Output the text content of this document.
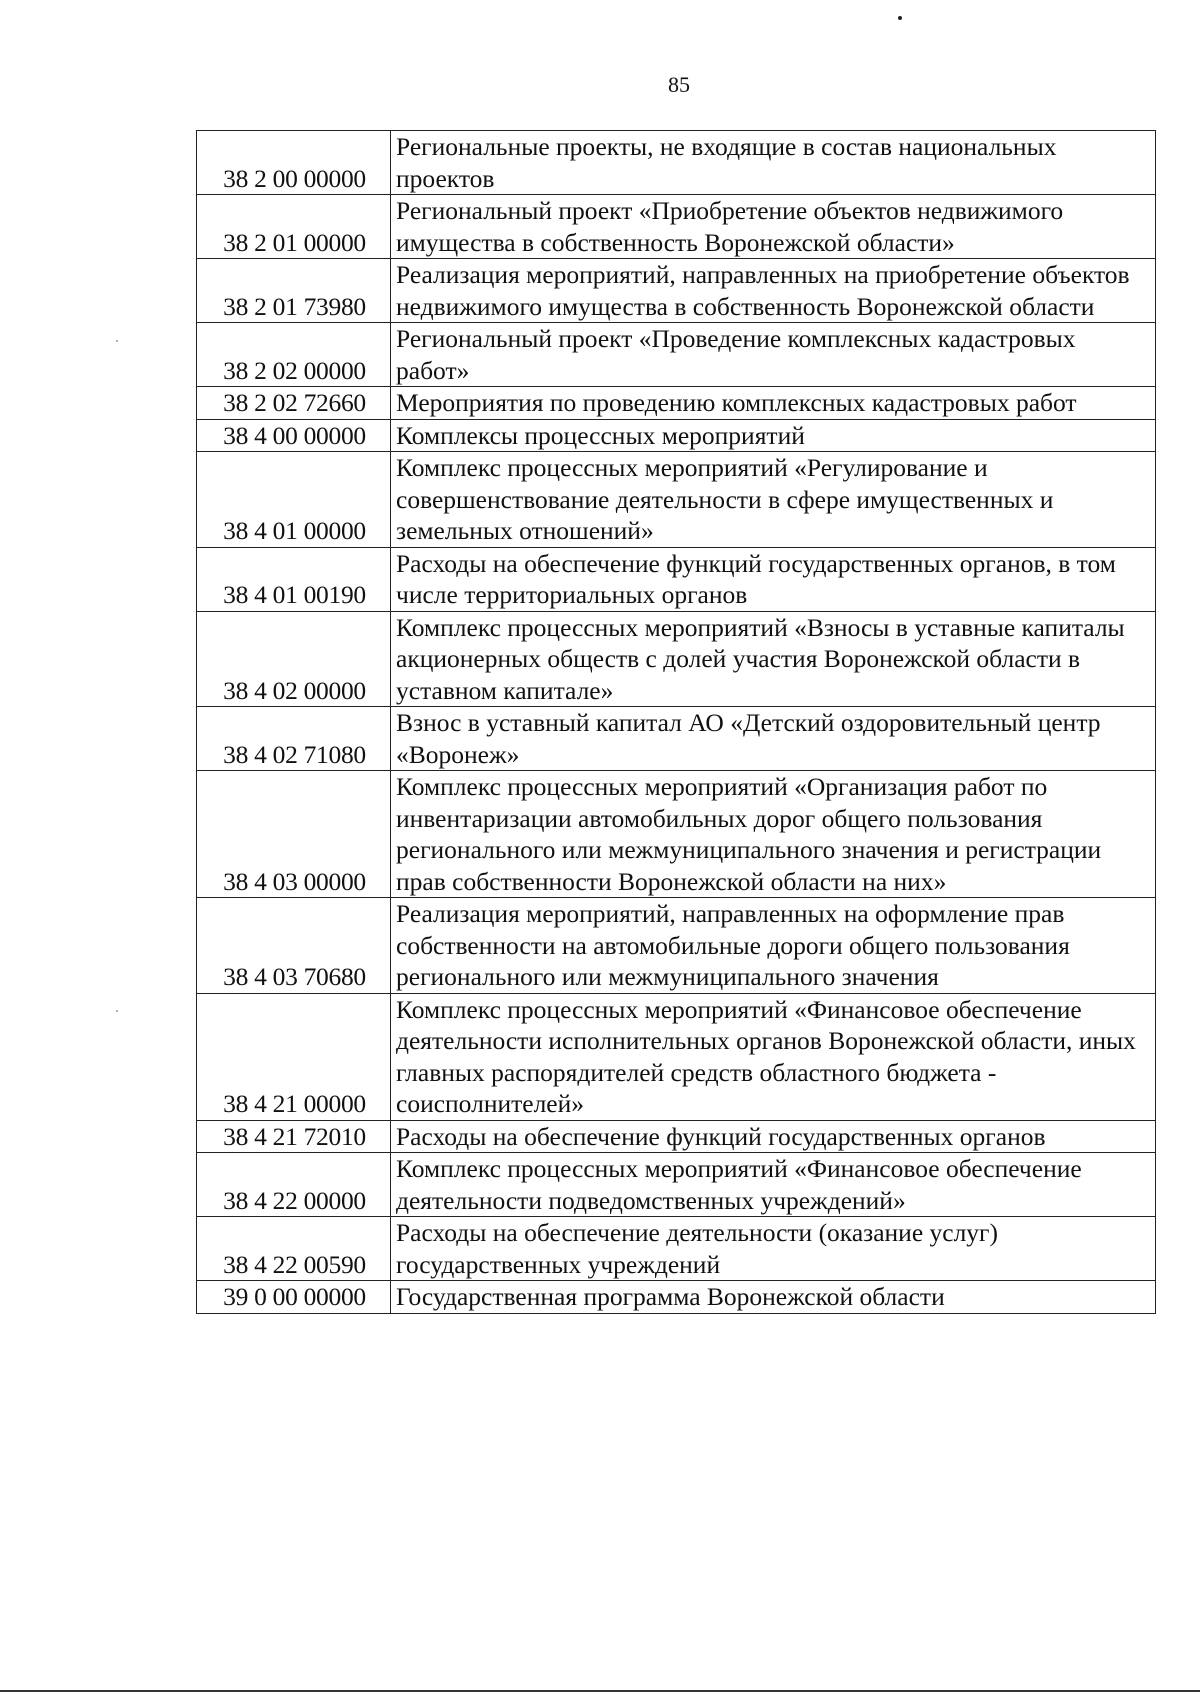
85
38 2 00 00000	Региональные проекты, не входящие в состав национальных проектов
38 2 01 00000	Региональный проект «Приобретение объектов недвижимого имущества в собственность Воронежской области»
38 2 01 73980	Реализация мероприятий, направленных на приобретение объектов недвижимого имущества в собственность Воронежской области
38 2 02 00000	Региональный проект «Проведение комплексных кадастровых работ»
38 2 02 72660	Мероприятия по проведению комплексных кадастровых работ
38 4 00 00000	Комплексы процессных мероприятий
38 4 01 00000	Комплекс процессных мероприятий «Регулирование и совершенствование деятельности в сфере имущественных и земельных отношений»
38 4 01 00190	Расходы на обеспечение функций государственных органов, в том числе территориальных органов
38 4 02 00000	Комплекс процессных мероприятий «Взносы в уставные капиталы акционерных обществ с долей участия Воронежской области в уставном капитале»
38 4 02 71080	Взнос в уставный капитал АО «Детский оздоровительный центр «Воронеж»
38 4 03 00000	Комплекс процессных мероприятий «Организация работ по инвентаризации автомобильных дорог общего пользования регионального или межмуниципального значения и регистрации прав собственности Воронежской области на них»
38 4 03 70680	Реализация мероприятий, направленных на оформление прав собственности на автомобильные дороги общего пользования регионального или межмуниципального значения
38 4 21 00000	Комплекс процессных мероприятий «Финансовое обеспечение деятельности исполнительных органов Воронежской области, иных главных распорядителей средств областного бюджета - соисполнителей»
38 4 21 72010	Расходы на обеспечение функций государственных органов
38 4 22 00000	Комплекс процессных мероприятий «Финансовое обеспечение деятельности подведомственных учреждений»
38 4 22 00590	Расходы на обеспечение деятельности (оказание услуг) государственных учреждений
39 0 00 00000	Государственная программа Воронежской области
